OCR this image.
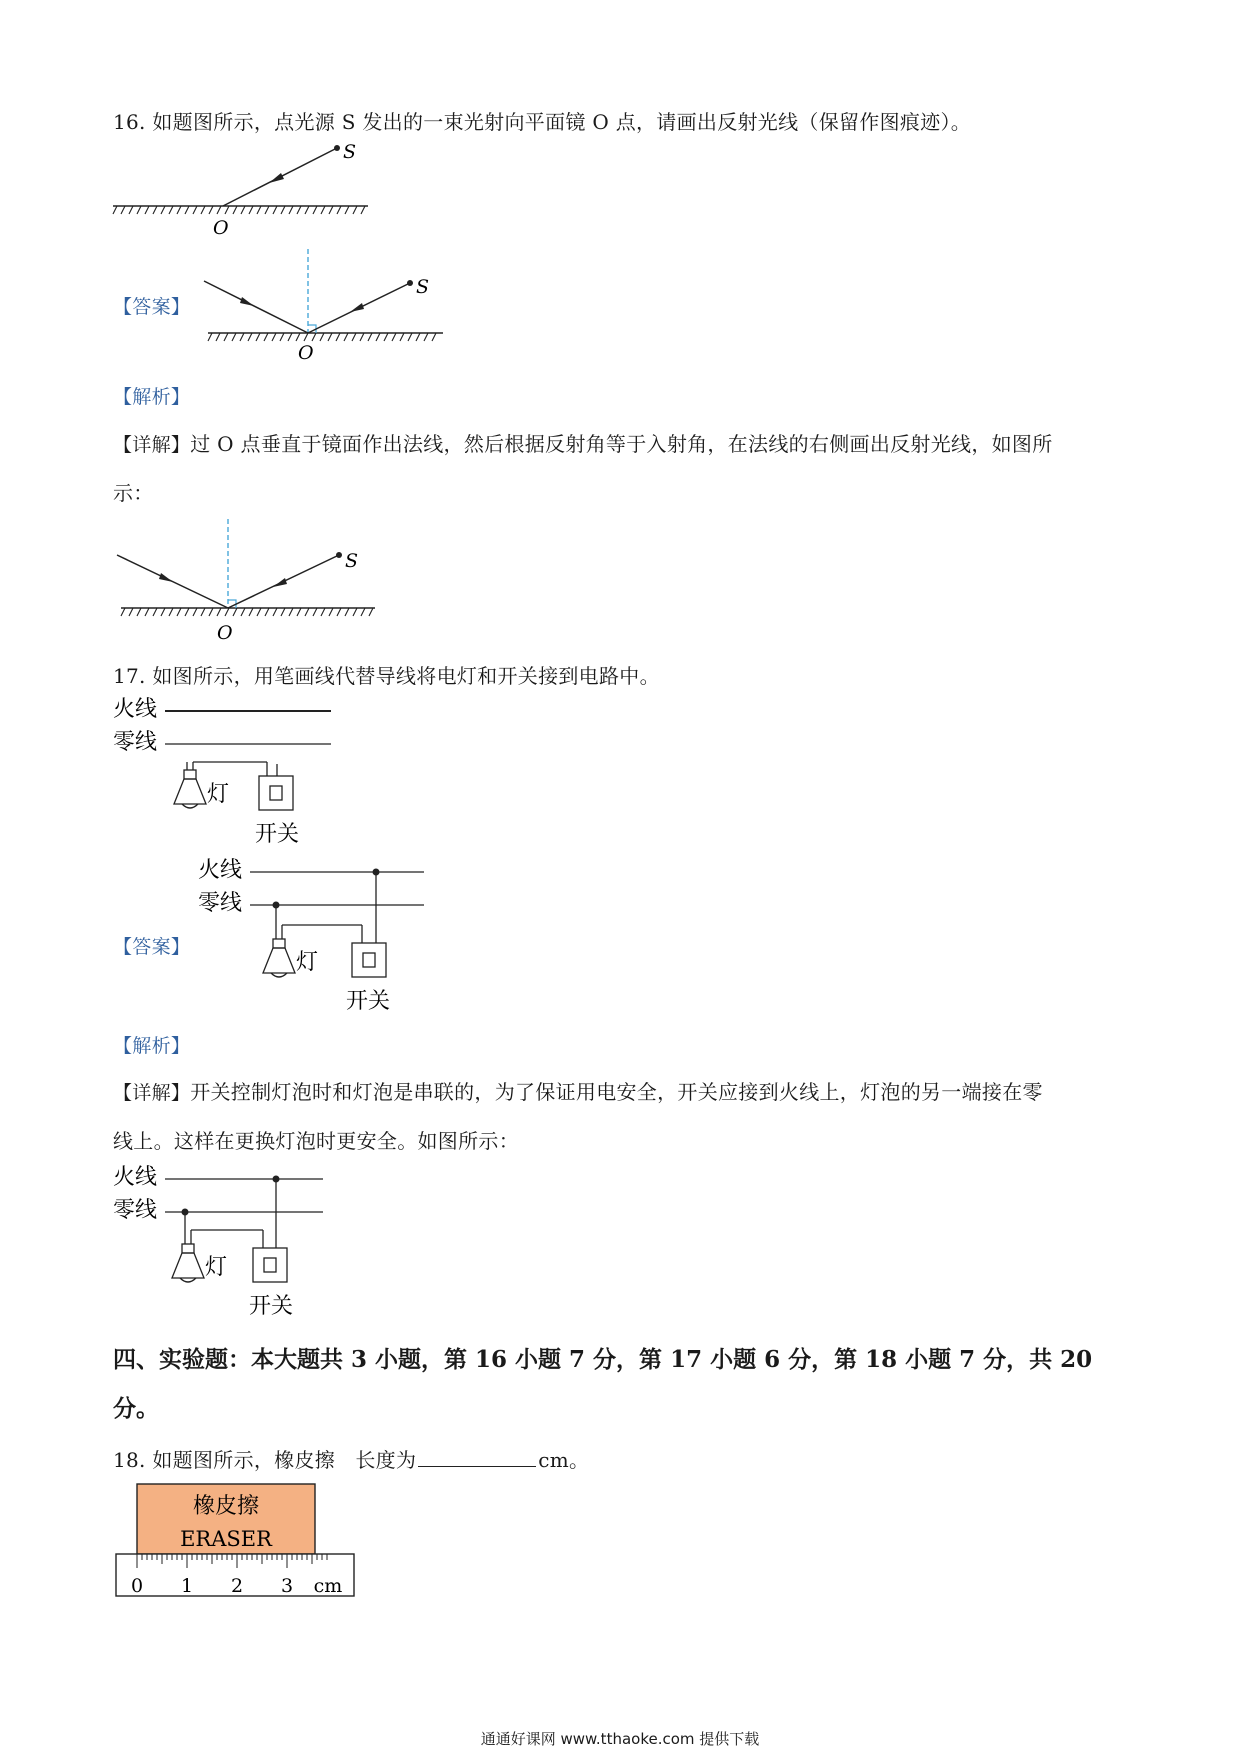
16. 如题图所示，点光源 S 发出的一束光射向平面镜 O 点，请画出反射光线（保留作图痕迹）。
S
O
【答案】
S
O
【解析】
【详解】过 O 点垂直于镜面作出法线，然后根据反射角等于入射角，在法线的右侧画出反射光线，如图所
示：
S
O
17. 如图所示，用笔画线代替导线将电灯和开关接到电路中。
火线
零线
灯
开关
【答案】
火线
零线
灯
开关
【解析】
【详解】开关控制灯泡时和灯泡是串联的，为了保证用电安全，开关应接到火线上，灯泡的另一端接在零
线上。这样在更换灯泡时更安全。如图所示：
火线
零线
灯
开关
四、实验题：本大题共 3 小题，第 16 小题 7 分，第 17 小题 6 分，第 18 小题 7 分，共 20
分。
18. 如题图所示，橡皮擦　长度为	cm。
橡皮擦
ERASER
0 1 2 3 cm
通通好课网 www.tthaoke.com 提供下载
